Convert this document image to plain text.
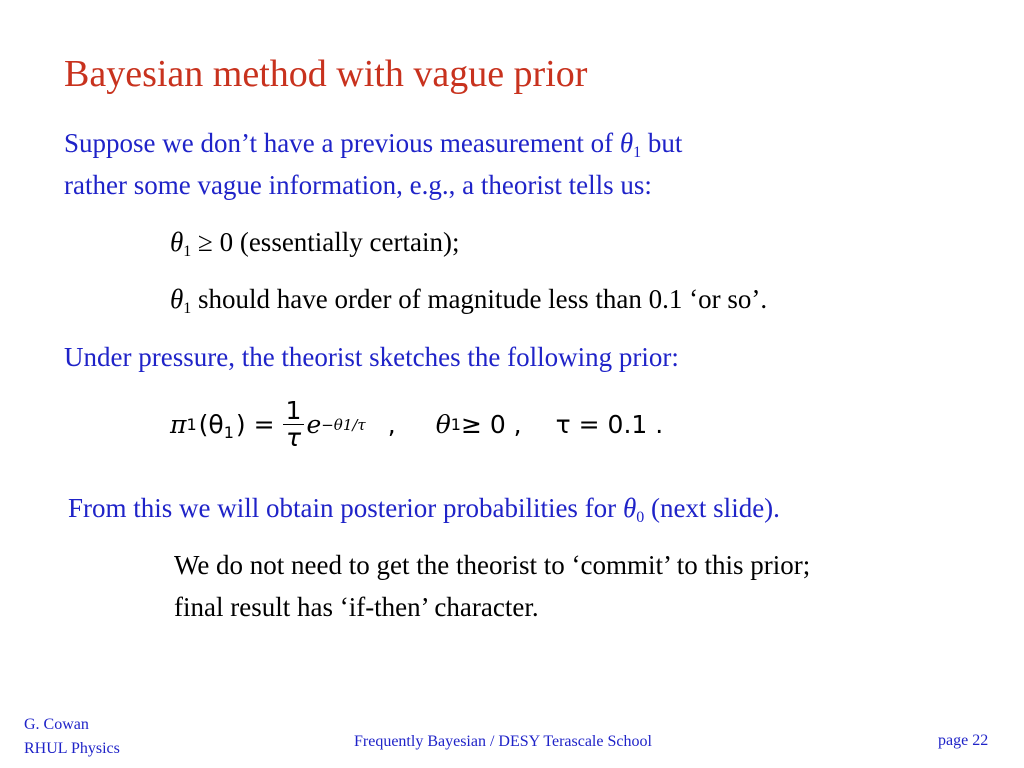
Bayesian method with vague prior
Suppose we don’t have a previous measurement of $\theta_1$ but
rather some vague information, e.g., a theorist tells us:
$\theta_1 \ge 0$ (essentially certain);
$\theta_1$ should have order of magnitude less than 0.1 ‘or so’.
Under pressure, the theorist sketches the following prior:
π 1 ($\theta_1$ ) = $\frac{1}{\tau}$ e −θ1/τ , θ 1 ≥ 0 , τ = 0.1 .
From this we will obtain posterior probabilities for $\theta_0$ (next slide).
We do not need to get the theorist to ‘commit’ to this prior;
final result has ‘if-then’ character.
G. Cowan
RHUL Physics	Frequently Bayesian / DESY Terascale School	page 22
